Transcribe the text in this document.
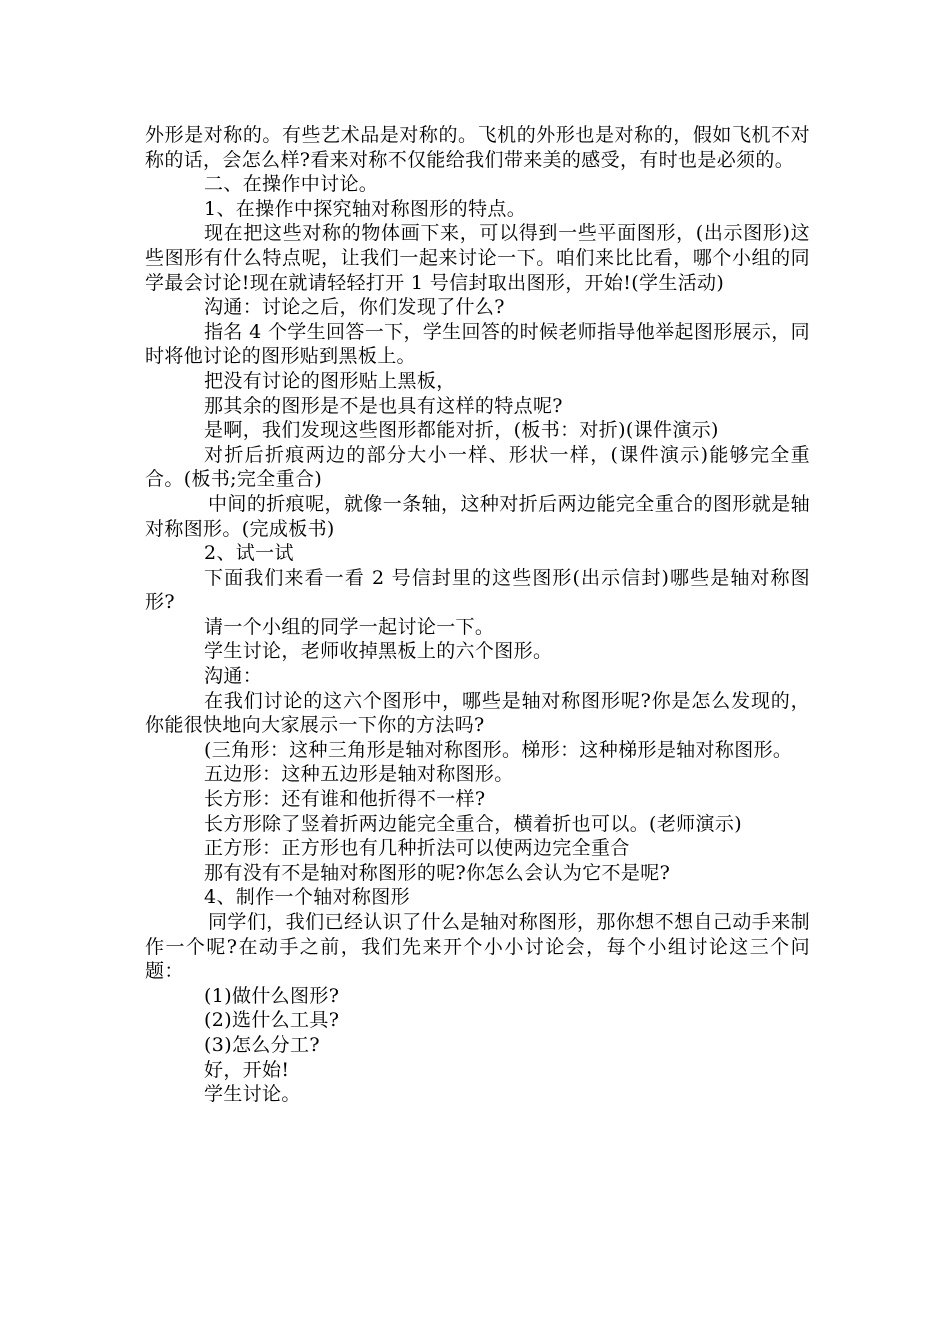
外形是对称的。有些艺术品是对称的。飞机的外形也是对称的，假如飞机不对称的话，会怎么样?看来对称不仅能给我们带来美的感受，有时也是必须的。

二、在操作中讨论。

1、在操作中探究轴对称图形的特点。

现在把这些对称的物体画下来，可以得到一些平面图形，(出示图形)这些图形有什么特点呢，让我们一起来讨论一下。咱们来比比看，哪个小组的同学最会讨论!现在就请轻轻打开 1 号信封取出图形，开始!(学生活动)

沟通：讨论之后，你们发现了什么?

指名 4 个学生回答一下，学生回答的时候老师指导他举起图形展示，同时将他讨论的图形贴到黑板上。

把没有讨论的图形贴上黑板，

那其余的图形是不是也具有这样的特点呢?

是啊，我们发现这些图形都能对折，(板书：对折)(课件演示)

对折后折痕两边的部分大小一样、形状一样，(课件演示)能够完全重合。(板书;完全重合)

中间的折痕呢，就像一条轴，这种对折后两边能完全重合的图形就是轴对称图形。(完成板书)

2、试一试

下面我们来看一看 2 号信封里的这些图形(出示信封)哪些是轴对称图形?

请一个小组的同学一起讨论一下。

学生讨论，老师收掉黑板上的六个图形。

沟通：

在我们讨论的这六个图形中，哪些是轴对称图形呢?你是怎么发现的，你能很快地向大家展示一下你的方法吗?

(三角形：这种三角形是轴对称图形。梯形：这种梯形是轴对称图形。

五边形：这种五边形是轴对称图形。

长方形：还有谁和他折得不一样?

长方形除了竖着折两边能完全重合，横着折也可以。(老师演示)

正方形：正方形也有几种折法可以使两边完全重合

那有没有不是轴对称图形的呢?你怎么会认为它不是呢?

4、制作一个轴对称图形

同学们，我们已经认识了什么是轴对称图形，那你想不想自己动手来制作一个呢?在动手之前，我们先来开个小小讨论会，每个小组讨论这三个问题：

(1)做什么图形?

(2)选什么工具?

(3)怎么分工?

好，开始!

学生讨论。
